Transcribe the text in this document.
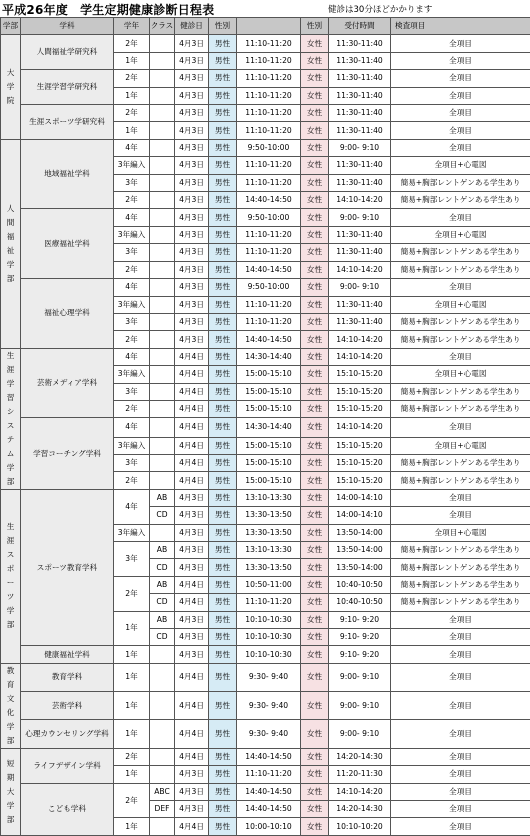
平成26年度　学生定期健康診断日程表	健診は30分ほどかかります
学部	学科	学年	クラス	健診日	性別		性別	受付時間	検査項目
大学院	人間福祉学研究科	2年		4月3日	男性	11:10-11:20	女性	11:30-11:40	全項目
		1年		4月3日	男性	11:10-11:20	女性	11:30-11:40	全項目
	生涯学習学研究科	2年		4月3日	男性	11:10-11:20	女性	11:30-11:40	全項目
		1年		4月3日	男性	11:10-11:20	女性	11:30-11:40	全項目
	生涯スポーツ学研究科	2年		4月3日	男性	11:10-11:20	女性	11:30-11:40	全項目
		1年		4月3日	男性	11:10-11:20	女性	11:30-11:40	全項目
人間福祉学部	地域福祉学科	4年		4月3日	男性	9:50-10:00	女性	9:00- 9:10	全項目
		3年編入		4月3日	男性	11:10-11:20	女性	11:30-11:40	全項目+心電図
		3年		4月3日	男性	11:10-11:20	女性	11:30-11:40	簡易+胸部レントゲンある学生あり
		2年		4月3日	男性	14:40-14:50	女性	14:10-14:20	簡易+胸部レントゲンある学生あり
	医療福祉学科	4年		4月3日	男性	9:50-10:00	女性	9:00- 9:10	全項目
		3年編入		4月3日	男性	11:10-11:20	女性	11:30-11:40	全項目+心電図
		3年		4月3日	男性	11:10-11:20	女性	11:30-11:40	簡易+胸部レントゲンある学生あり
		2年		4月3日	男性	14:40-14:50	女性	14:10-14:20	簡易+胸部レントゲンある学生あり
	福祉心理学科	4年		4月3日	男性	9:50-10:00	女性	9:00- 9:10	全項目
		3年編入		4月3日	男性	11:10-11:20	女性	11:30-11:40	全項目+心電図
		3年		4月3日	男性	11:10-11:20	女性	11:30-11:40	簡易+胸部レントゲンある学生あり
		2年		4月3日	男性	14:40-14:50	女性	14:10-14:20	簡易+胸部レントゲンある学生あり
生涯学習システム学部	芸術メディア学科	4年		4月4日	男性	14:30-14:40	女性	14:10-14:20	全項目
		3年編入		4月4日	男性	15:00-15:10	女性	15:10-15:20	全項目+心電図
		3年		4月4日	男性	15:00-15:10	女性	15:10-15:20	簡易+胸部レントゲンある学生あり
		2年		4月4日	男性	15:00-15:10	女性	15:10-15:20	簡易+胸部レントゲンある学生あり
	学習コーチング学科	4年		4月4日	男性	14:30-14:40	女性	14:10-14:20	全項目
		3年編入		4月4日	男性	15:00-15:10	女性	15:10-15:20	全項目+心電図
		3年		4月4日	男性	15:00-15:10	女性	15:10-15:20	簡易+胸部レントゲンある学生あり
		2年		4月4日	男性	15:00-15:10	女性	15:10-15:20	簡易+胸部レントゲンある学生あり
生涯スポーツ学部	スポーツ教育学科	4年	AB	4月3日	男性	13:10-13:30	女性	14:00-14:10	全項目
			CD	4月3日	男性	13:30-13:50	女性	14:00-14:10	全項目
		3年編入		4月3日	男性	13:30-13:50	女性	13:50-14:00	全項目+心電図
		3年	AB	4月3日	男性	13:10-13:30	女性	13:50-14:00	簡易+胸部レントゲンある学生あり
			CD	4月3日	男性	13:30-13:50	女性	13:50-14:00	簡易+胸部レントゲンある学生あり
		2年	AB	4月4日	男性	10:50-11:00	女性	10:40-10:50	簡易+胸部レントゲンある学生あり
			CD	4月4日	男性	11:10-11:20	女性	10:40-10:50	簡易+胸部レントゲンある学生あり
		1年	AB	4月3日	男性	10:10-10:30	女性	9:10- 9:20	全項目
			CD	4月3日	男性	10:10-10:30	女性	9:10- 9:20	全項目
	健康福祉学科	1年		4月3日	男性	10:10-10:30	女性	9:10- 9:20	全項目
教育文化学部	教育学科	1年		4月4日	男性	9:30- 9:40	女性	9:00- 9:10	全項目
	芸術学科	1年		4月4日	男性	9:30- 9:40	女性	9:00- 9:10	全項目
	心理カウンセリング学科	1年		4月4日	男性	9:30- 9:40	女性	9:00- 9:10	全項目
短期大学部	ライフデザイン学科	2年		4月4日	男性	14:40-14:50	女性	14:20-14:30	全項目
		1年		4月3日	男性	11:10-11:20	女性	11:20-11:30	全項目
	こども学科	2年	ABC	4月3日	男性	14:40-14:50	女性	14:10-14:20	全項目
			DEF	4月3日	男性	14:40-14:50	女性	14:20-14:30	全項目
		1年		4月4日	男性	10:00-10:10	女性	10:10-10:20	全項目
